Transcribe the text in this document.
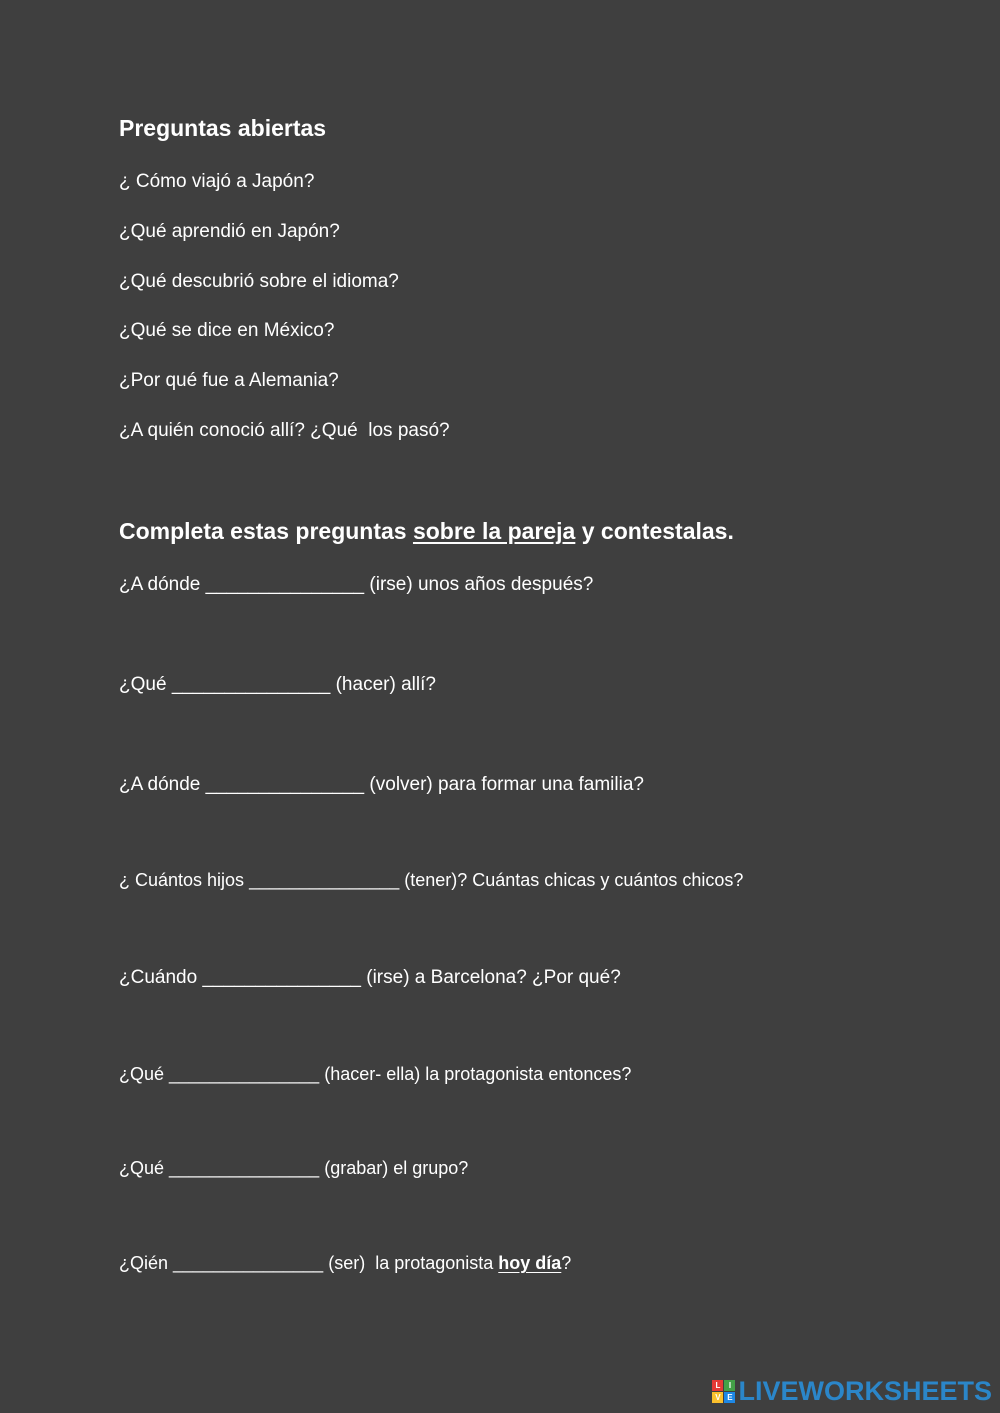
Preguntas abiertas

¿ Cómo viajó a Japón?

¿Qué aprendió en Japón?

¿Qué descubrió sobre el idioma?

¿Qué se dice en México?

¿Por qué fue a Alemania?

¿A quién conoció allí? ¿Qué  los pasó?

Completa estas preguntas sobre la pareja y contestalas.

¿A dónde _______________ (irse) unos años después?

¿Qué _______________ (hacer) allí?

¿A dónde _______________ (volver) para formar una familia?

¿ Cuántos hijos _______________ (tener)? Cuántas chicas y cuántos chicos?

¿Cuándo _______________ (irse) a Barcelona? ¿Por qué?

¿Qué _______________ (hacer- ella) la protagonista entonces?

¿Qué _______________ (grabar) el grupo?

¿Qién _______________ (ser)  la protagonista hoy día?

L	I
V E LIVEWORKSHEETS
